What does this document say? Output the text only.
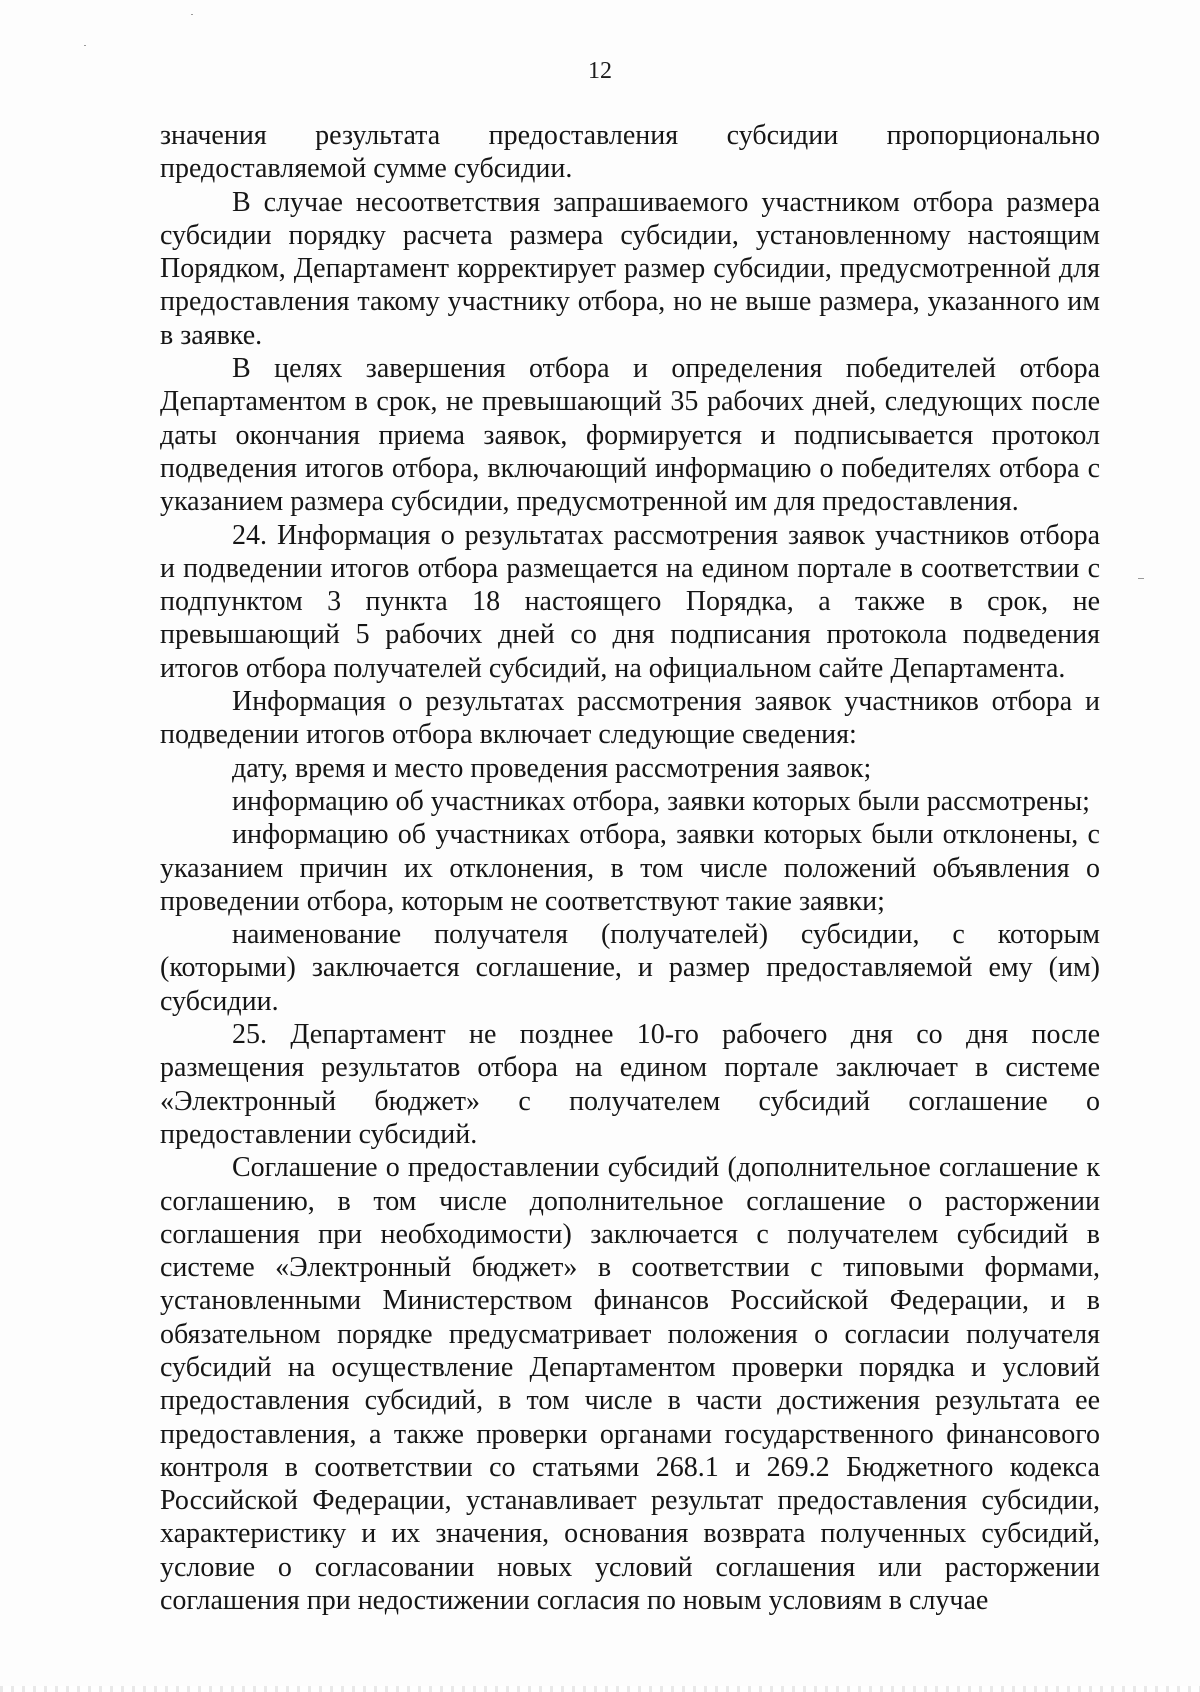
12

значения результата предоставления субсидии пропорционально предоставляемой сумме субсидии.

В случае несоответствия запрашиваемого участником отбора размера субсидии порядку расчета размера субсидии, установленному настоящим Порядком, Департамент корректирует размер субсидии, предусмотренной для предоставления такому участнику отбора, но не выше размера, указанного им в заявке.

В целях завершения отбора и определения победителей отбора Департаментом в срок, не превышающий 35 рабочих дней, следующих после даты окончания приема заявок, формируется и подписывается протокол подведения итогов отбора, включающий информацию о победителях отбора с указанием размера субсидии, предусмотренной им для предоставления.

24. Информация о результатах рассмотрения заявок участников отбора и подведении итогов отбора размещается на едином портале в соответствии с подпунктом 3 пункта 18 настоящего Порядка, а также в срок, не превышающий 5 рабочих дней со дня подписания протокола подведения итогов отбора получателей субсидий, на официальном сайте Департамента.

Информация о результатах рассмотрения заявок участников отбора и подведении итогов отбора включает следующие сведения:

дату, время и место проведения рассмотрения заявок;

информацию об участниках отбора, заявки которых были рассмотрены;

информацию об участниках отбора, заявки которых были отклонены, с указанием причин их отклонения, в том числе положений объявления о проведении отбора, которым не соответствуют такие заявки;

наименование получателя (получателей) субсидии, с которым (которыми) заключается соглашение, и размер предоставляемой ему (им) субсидии.

25. Департамент не позднее 10-го рабочего дня со дня после размещения результатов отбора на едином портале заключает в системе «Электронный бюджет» с получателем субсидий соглашение о предоставлении субсидий.

Соглашение о предоставлении субсидий (дополнительное соглашение к соглашению, в том числе дополнительное соглашение о расторжении соглашения при необходимости) заключается с получателем субсидий в системе «Электронный бюджет» в соответствии с типовыми формами, установленными Министерством финансов Российской Федерации, и в обязательном порядке предусматривает положения о согласии получателя субсидий на осуществление Департаментом проверки порядка и условий предоставления субсидий, в том числе в части достижения результата ее предоставления, а также проверки органами государственного финансового контроля в соответствии со статьями 268.1 и 269.2 Бюджетного кодекса Российской Федерации, устанавливает результат предоставления субсидии, характеристику и их значения, основания возврата полученных субсидий, условие о согласовании новых условий соглашения или расторжении соглашения при недостижении согласия по новым условиям в случае
